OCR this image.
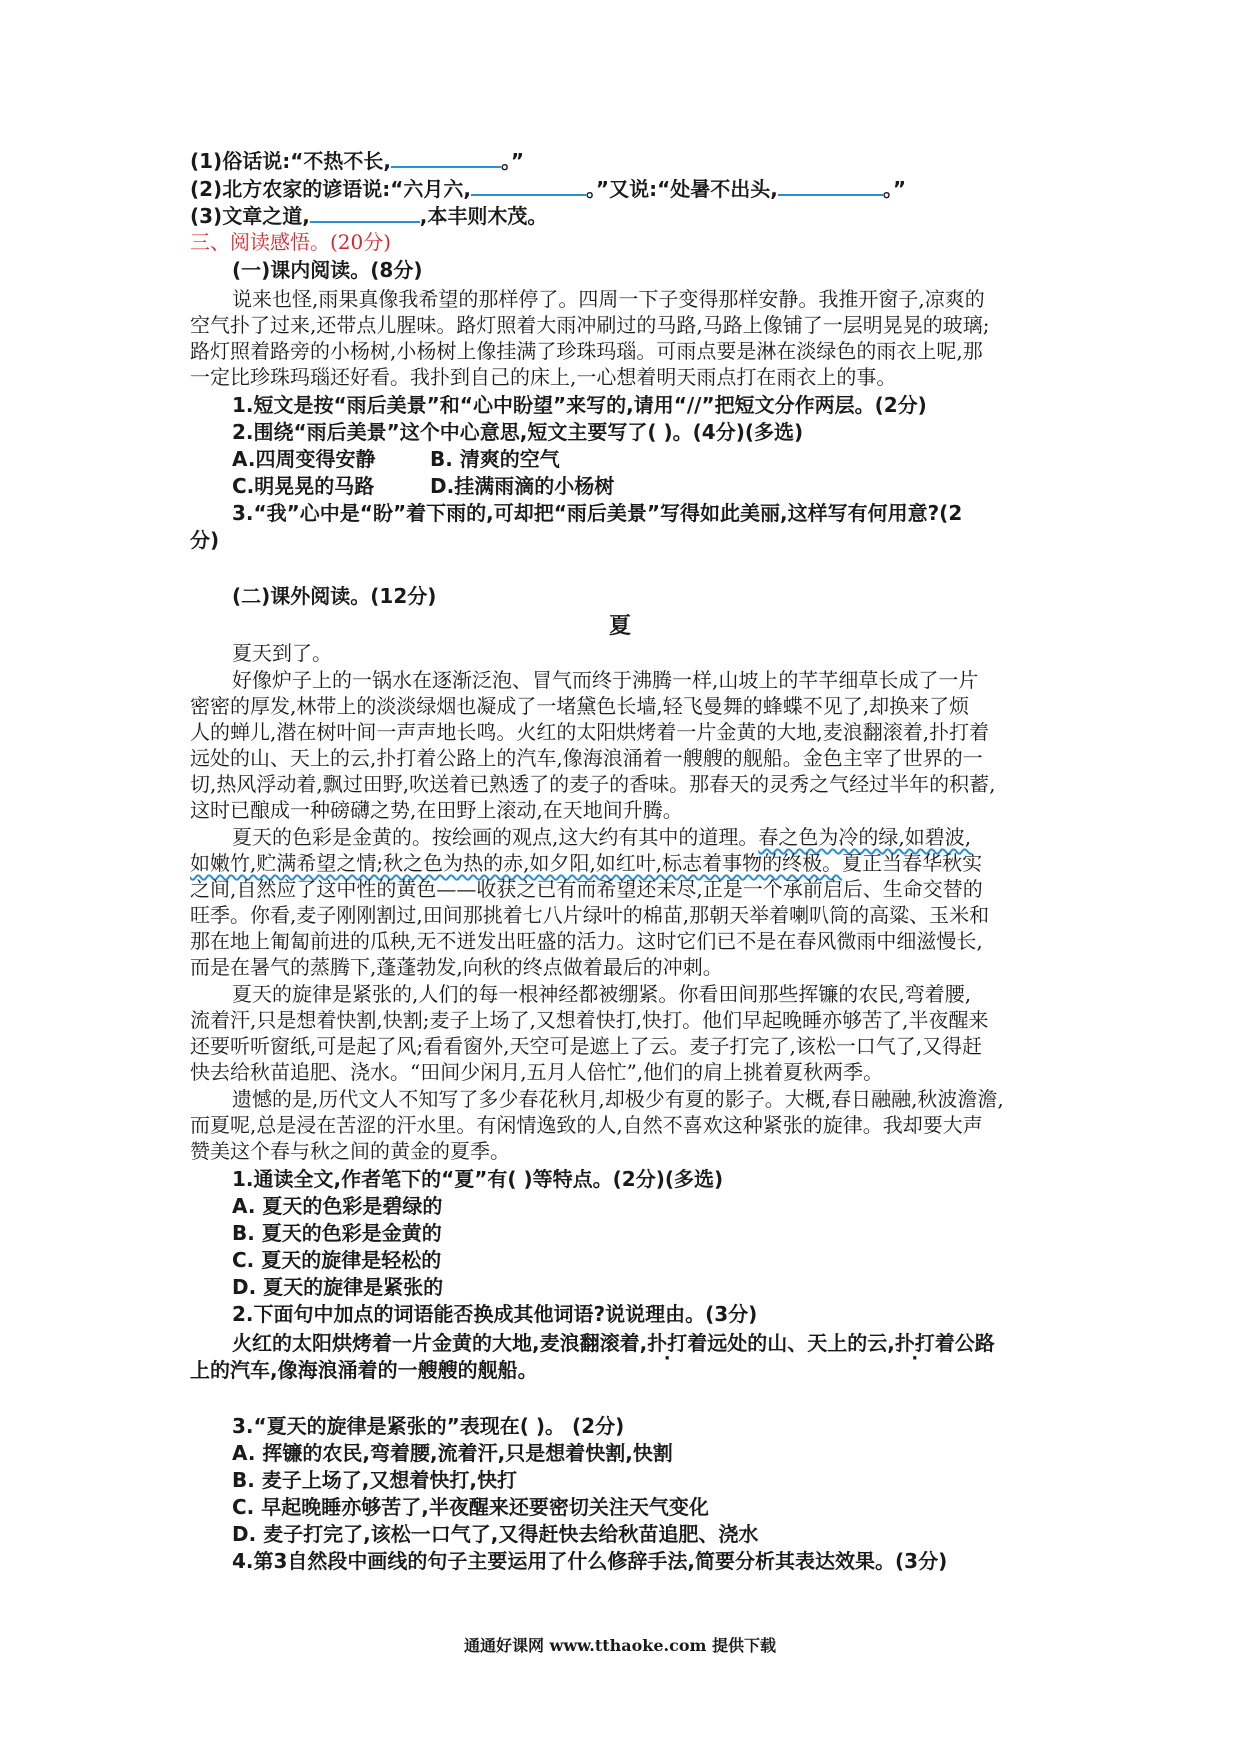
(1)俗话说:“不热不长,	。”
(2)北方农家的谚语说:“六月六,	。”又说:“处暑不出头,	。”
(3)文章之道,	,本丰则木茂。
三、阅读感悟。(20分)
(一)课内阅读。(8分)
说来也怪,雨果真像我希望的那样停了。四周一下子变得那样安静。我推开窗子,凉爽的
空气扑了过来,还带点儿腥味。路灯照着大雨冲刷过的马路,马路上像铺了一层明晃晃的玻璃;
路灯照着路旁的小杨树,小杨树上像挂满了珍珠玛瑙。可雨点要是淋在淡绿色的雨衣上呢,那
一定比珍珠玛瑙还好看。我扑到自己的床上,一心想着明天雨点打在雨衣上的事。
1.短文是按“雨后美景”和“心中盼望”来写的,请用“//”把短文分作两层。(2分)
2.围绕“雨后美景”这个中心意思,短文主要写了( )。(4分)(多选)
A.四周变得安静	B. 清爽的空气
C.明晃晃的马路	D.挂满雨滴的小杨树
3.“我”心中是“盼”着下雨的,可却把“雨后美景”写得如此美丽,这样写有何用意?(2
分)
(二)课外阅读。(12分)
夏
夏天到了。
好像炉子上的一锅水在逐渐泛泡、冒气而终于沸腾一样,山坡上的芊芊细草长成了一片
密密的厚发,林带上的淡淡绿烟也凝成了一堵黛色长墙,轻飞曼舞的蜂蝶不见了,却换来了烦
人的蝉儿,潜在树叶间一声声地长鸣。火红的太阳烘烤着一片金黄的大地,麦浪翻滚着,扑打着
远处的山、天上的云,扑打着公路上的汽车,像海浪涌着一艘艘的舰船。金色主宰了世界的一
切,热风浮动着,飘过田野,吹送着已熟透了的麦子的香味。那春天的灵秀之气经过半年的积蓄,
这时已酿成一种磅礴之势,在田野上滚动,在天地间升腾。
夏天的色彩是金黄的。按绘画的观点,这大约有其中的道理。春之色为冷的绿,如碧波,
如嫩竹,贮满希望之情;秋之色为热的赤,如夕阳,如红叶,标志着事物的终极。夏正当春华秋实
之间,自然应了这中性的黄色——收获之已有而希望还未尽,正是一个承前启后、生命交替的
旺季。你看,麦子刚刚割过,田间那挑着七八片绿叶的棉苗,那朝天举着喇叭筒的高粱、玉米和
那在地上匍匐前进的瓜秧,无不迸发出旺盛的活力。这时它们已不是在春风微雨中细滋慢长,
而是在暑气的蒸腾下,蓬蓬勃发,向秋的终点做着最后的冲刺。
夏天的旋律是紧张的,人们的每一根神经都被绷紧。你看田间那些挥镰的农民,弯着腰,
流着汗,只是想着快割,快割;麦子上场了,又想着快打,快打。他们早起晚睡亦够苦了,半夜醒来
还要听听窗纸,可是起了风;看看窗外,天空可是遮上了云。麦子打完了,该松一口气了,又得赶
快去给秋苗追肥、浇水。“田间少闲月,五月人倍忙”,他们的肩上挑着夏秋两季。
遗憾的是,历代文人不知写了多少春花秋月,却极少有夏的影子。大概,春日融融,秋波澹澹,
而夏呢,总是浸在苦涩的汗水里。有闲情逸致的人,自然不喜欢这种紧张的旋律。我却要大声
赞美这个春与秋之间的黄金的夏季。
1.通读全文,作者笔下的“夏”有( )等特点。(2分)(多选)
A. 夏天的色彩是碧绿的
B. 夏天的色彩是金黄的
C. 夏天的旋律是轻松的
D. 夏天的旋律是紧张的
2.下面句中加点的词语能否换成其他词语?说说理由。(3分)
火红的太阳烘烤着一片金黄的大地,麦浪翻滚着,扑打着远处的山、天上的云,扑打着公路
上的汽车,像海浪涌着的一艘艘的舰船。
3.“夏天的旋律是紧张的”表现在( )。 (2分)
A. 挥镰的农民,弯着腰,流着汗,只是想着快割,快割
B. 麦子上场了,又想着快打,快打
C. 早起晚睡亦够苦了,半夜醒来还要密切关注天气变化
D. 麦子打完了,该松一口气了,又得赶快去给秋苗追肥、浇水
4.第3自然段中画线的句子主要运用了什么修辞手法,简要分析其表达效果。(3分)
通通好课网 www.tthaoke.com 提供下载
